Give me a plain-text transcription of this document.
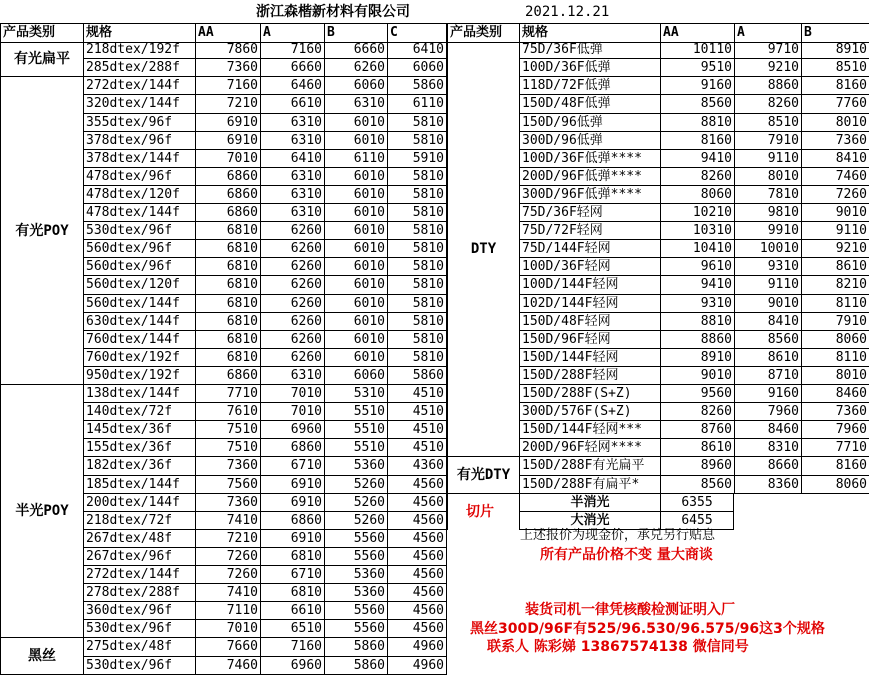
浙江森楷新材料有限公司	2021.12.21
产品类别	规格	AA	A	B	C
有光扁平
218dtex/192f	7860	7160	6660	6410
285dtex/288f	7360	6660	6260	6060
有光POY
272dtex/144f	7160	6460	6060	5860
320dtex/144f	7210	6610	6310	6110
355dtex/96f	6910	6310	6010	5810
378dtex/96f	6910	6310	6010	5810
378dtex/144f	7010	6410	6110	5910
478dtex/96f	6860	6310	6010	5810
478dtex/120f	6860	6310	6010	5810
478dtex/144f	6860	6310	6010	5810
530dtex/96f	6810	6260	6010	5810
560dtex/96f	6810	6260	6010	5810
560dtex/96f	6810	6260	6010	5810
560dtex/120f	6810	6260	6010	5810
560dtex/144f	6810	6260	6010	5810
630dtex/144f	6810	6260	6010	5810
760dtex/144f	6810	6260	6010	5810
760dtex/192f	6810	6260	6010	5810
950dtex/192f	6860	6310	6060	5860
半光POY
138dtex/144f	7710	7010	5310	4510
140dtex/72f	7610	7010	5510	4510
145dtex/36f	7510	6960	5510	4510
155dtex/36f	7510	6860	5510	4510
182dtex/36f	7360	6710	5360	4360
185dtex/144f	7560	6910	5260	4560
200dtex/144f	7360	6910	5260	4560
218dtex/72f	7410	6860	5260	4560
267dtex/48f	7210	6910	5560	4560
267dtex/96f	7260	6810	5560	4560
272dtex/144f	7260	6710	5360	4560
278dtex/288f	7410	6810	5360	4560
360dtex/96f	7110	6610	5560	4560
530dtex/96f	7010	6510	5560	4560
黑丝
275dtex/48f	7660	7160	5860	4960
530dtex/96f	7460	6960	5860	4960
产品类别	规格	AA	A	B
DTY
75D/36F低弹	10110	9710	8910
100D/36F低弹	9510	9210	8510
118D/72F低弹	9160	8860	8160
150D/48F低弹	8560	8260	7760
150D/96低弹	8810	8510	8010
300D/96低弹	8160	7910	7360
100D/36F低弹****	9410	9110	8410
200D/96F低弹****	8260	8010	7460
300D/96F低弹****	8060	7810	7260
75D/36F轻网	10210	9810	9010
75D/72F轻网	10310	9910	9110
75D/144F轻网	10410	10010	9210
100D/36F轻网	9610	9310	8610
100D/144F轻网	9410	9110	8210
102D/144F轻网	9310	9010	8110
150D/48F轻网	8810	8410	7910
150D/96F轻网	8860	8560	8060
150D/144F轻网	8910	8610	8110
150D/288F轻网	9010	8710	8010
150D/288F(S+Z)	9560	9160	8460
300D/576F(S+Z)	8260	7960	7360
150D/144F轻网***	8760	8460	7960
200D/96F轻网****	8610	8310	7710
有光DTY
150D/288F有光扁平	8960	8660	8160
150D/288F有扁平*	8560	8360	8060
切片
半消光	6355
大消光	6455
上述报价为现金价，承兑另行贴息
所有产品价格不变 量大商谈
装货司机一律凭核酸检测证明入厂
黑丝300D/96F有525/96.530/96.575/96这3个规格
联系人 陈彩娣 13867574138 微信同号
